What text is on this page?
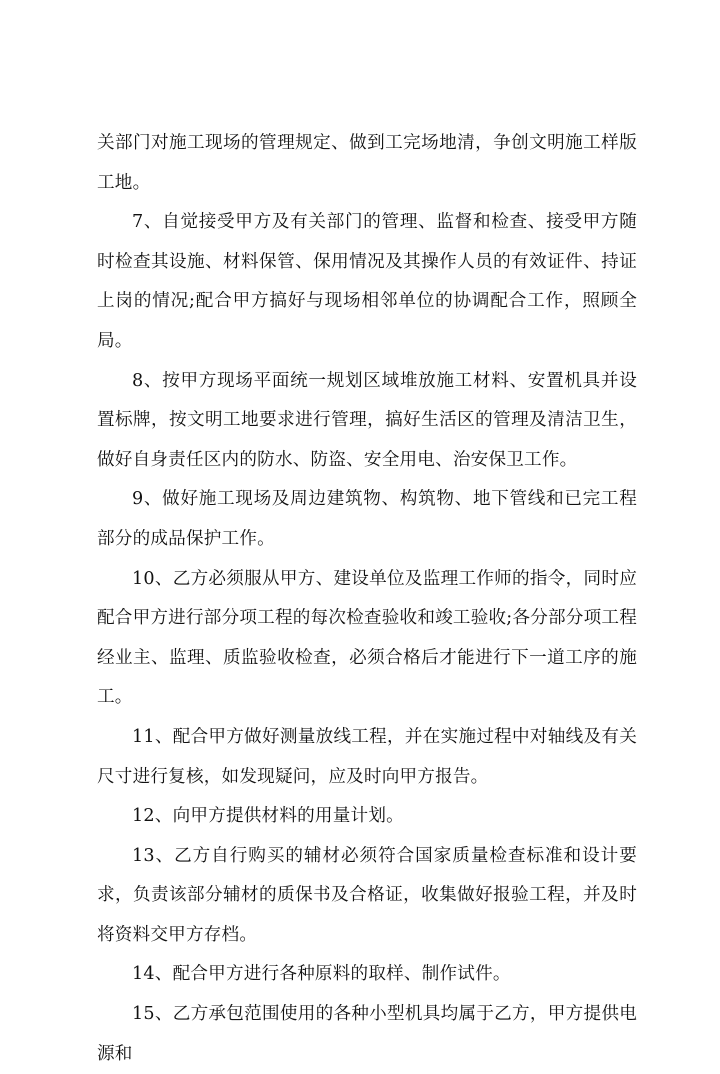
关部门对施工现场的管理规定、做到工完场地清，争创文明施工样版工地。

7、自觉接受甲方及有关部门的管理、监督和检查、接受甲方随时检查其设施、材料保管、保用情况及其操作人员的有效证件、持证上岗的情况;配合甲方搞好与现场相邻单位的协调配合工作，照顾全局。

8、按甲方现场平面统一规划区域堆放施工材料、安置机具并设置标牌，按文明工地要求进行管理，搞好生活区的管理及清洁卫生，做好自身责任区内的防水、防盗、安全用电、治安保卫工作。

9、做好施工现场及周边建筑物、构筑物、地下管线和已完工程部分的成品保护工作。

10、乙方必须服从甲方、建设单位及监理工作师的指令，同时应配合甲方进行部分项工程的每次检查验收和竣工验收;各分部分项工程经业主、监理、质监验收检查，必须合格后才能进行下一道工序的施工。

11、配合甲方做好测量放线工程，并在实施过程中对轴线及有关尺寸进行复核，如发现疑问，应及时向甲方报告。

12、向甲方提供材料的用量计划。

13、乙方自行购买的辅材必须符合国家质量检查标准和设计要求，负责该部分辅材的质保书及合格证，收集做好报验工程，并及时将资料交甲方存档。

14、配合甲方进行各种原料的取样、制作试件。

15、乙方承包范围使用的各种小型机具均属于乙方，甲方提供电源和
